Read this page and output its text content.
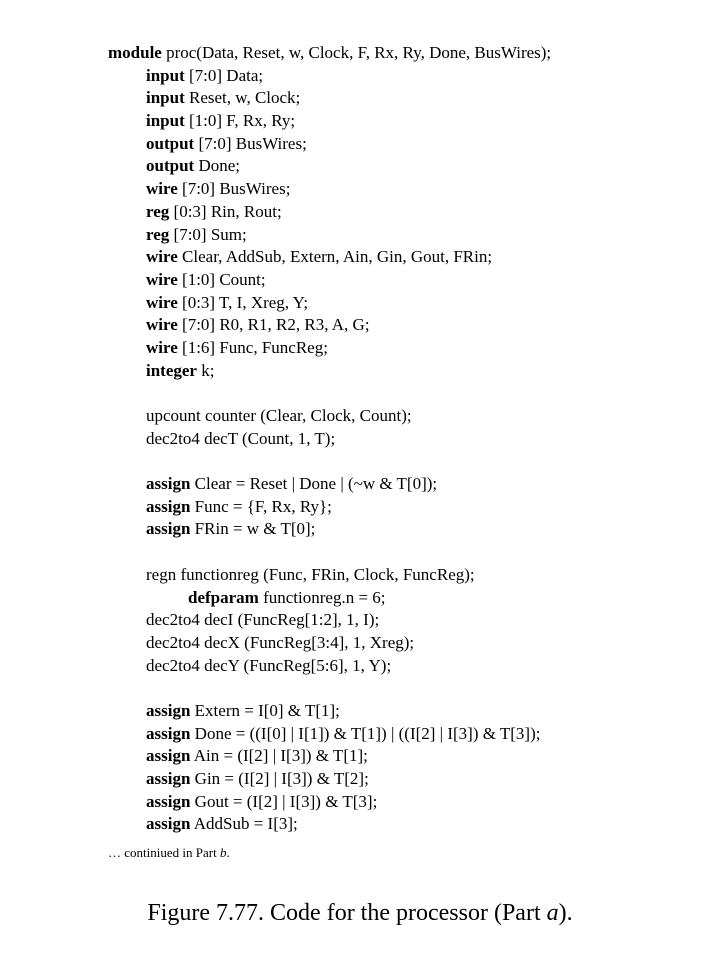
module proc(Data, Reset, w, Clock, F, Rx, Ry, Done, BusWires);
input [7:0] Data;
input Reset, w, Clock;
input [1:0] F, Rx, Ry;
output [7:0] BusWires;
output Done;
wire [7:0] BusWires;
reg [0:3] Rin, Rout;
reg [7:0] Sum;
wire Clear, AddSub, Extern, Ain, Gin, Gout, FRin;
wire [1:0] Count;
wire [0:3] T, I, Xreg, Y;
wire [7:0] R0, R1, R2, R3, A, G;
wire [1:6] Func, FuncReg;
integer k;
upcount counter (Clear, Clock, Count);
dec2to4 decT (Count, 1, T);
assign Clear = Reset | Done | (~w & T[0]);
assign Func = {F, Rx, Ry};
assign FRin = w & T[0];
regn functionreg (Func, FRin, Clock, FuncReg);
defparam functionreg.n = 6;
dec2to4 decI (FuncReg[1:2], 1, I);
dec2to4 decX (FuncReg[3:4], 1, Xreg);
dec2to4 decY (FuncReg[5:6], 1, Y);
assign Extern = I[0] & T[1];
assign Done = ((I[0] | I[1]) & T[1]) | ((I[2] | I[3]) & T[3]);
assign Ain = (I[2] | I[3]) & T[1];
assign Gin = (I[2] | I[3]) & T[2];
assign Gout = (I[2] | I[3]) & T[3];
assign AddSub = I[3];
… continiued in Part b.
Figure 7.77. Code for the processor (Part a).
